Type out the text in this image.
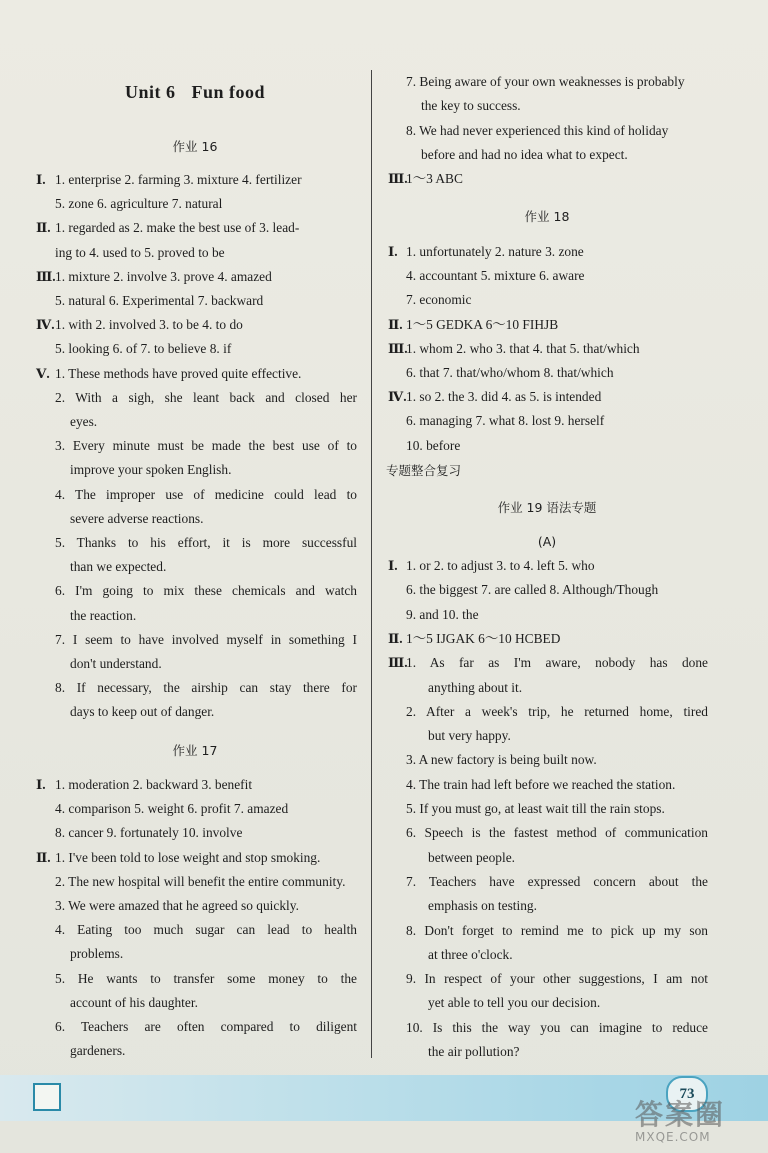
Unit 6 Fun food
作业 16
Ⅰ. 1. enterprise 2. farming 3. mixture 4. fertilizer
5. zone 6. agriculture 7. natural
Ⅱ. 1. regarded as 2. make the best use of 3. lead-
ing to 4. used to 5. proved to be
Ⅲ. 1. mixture 2. involve 3. prove 4. amazed
5. natural 6. Experimental 7. backward
Ⅳ. 1. with 2. involved 3. to be 4. to do
5. looking 6. of 7. to believe 8. if
Ⅴ. 1. These methods have proved quite effective.
2. With a sigh, she leant back and closed her
eyes.
3. Every minute must be made the best use of to
improve your spoken English.
4. The improper use of medicine could lead to
severe adverse reactions.
5. Thanks to his effort, it is more successful
than we expected.
6. I'm going to mix these chemicals and watch
the reaction.
7. I seem to have involved myself in something I
don't understand.
8. If necessary, the airship can stay there for
days to keep out of danger.
作业 17
Ⅰ. 1. moderation 2. backward 3. benefit
4. comparison 5. weight 6. profit 7. amazed
8. cancer 9. fortunately 10. involve
Ⅱ. 1. I've been told to lose weight and stop smoking.
2. The new hospital will benefit the entire community.
3. We were amazed that he agreed so quickly.
4. Eating too much sugar can lead to health
problems.
5. He wants to transfer some money to the
account of his daughter.
6. Teachers are often compared to diligent
gardeners.
7. Being aware of your own weaknesses is probably
the key to success.
8. We had never experienced this kind of holiday
before and had no idea what to expect.
Ⅲ.
1～3 ABC
作业 18
Ⅰ. 1. unfortunately 2. nature 3. zone
4. accountant 5. mixture 6. aware
7. economic
Ⅱ. 1～5 GEDKA 6～10 FIHJB
Ⅲ.
1. whom 2. who 3. that 4. that 5. that/which
6. that 7. that/who/whom 8. that/which
Ⅳ. 1. so 2. the 3. did 4. as 5. is intended
6. managing 7. what 8. lost 9. herself
10. before
专题整合复习
作业 19 语法专题
(A)
Ⅰ. 1. or 2. to adjust 3. to 4. left 5. who
6. the biggest 7. are called 8. Although/Though
9. and 10. the
Ⅱ. 1～5 IJGAK 6～10 HCBED
Ⅲ.
1. As far as I'm aware, nobody has done
anything about it.
2. After a week's trip, he returned home, tired
but very happy.
3. A new factory is being built now.
4. The train had left before we reached the station.
5. If you must go, at least wait till the rain stops.
6. Speech is the fastest method of communication
between people.
7. Teachers have expressed concern about the
emphasis on testing.
8. Don't forget to remind me to pick up my son
at three o'clock.
9. In respect of your other suggestions, I am not
yet able to tell you our decision.
10. Is this the way you can imagine to reduce
the air pollution?
73
答案圈
MXQE.COM
